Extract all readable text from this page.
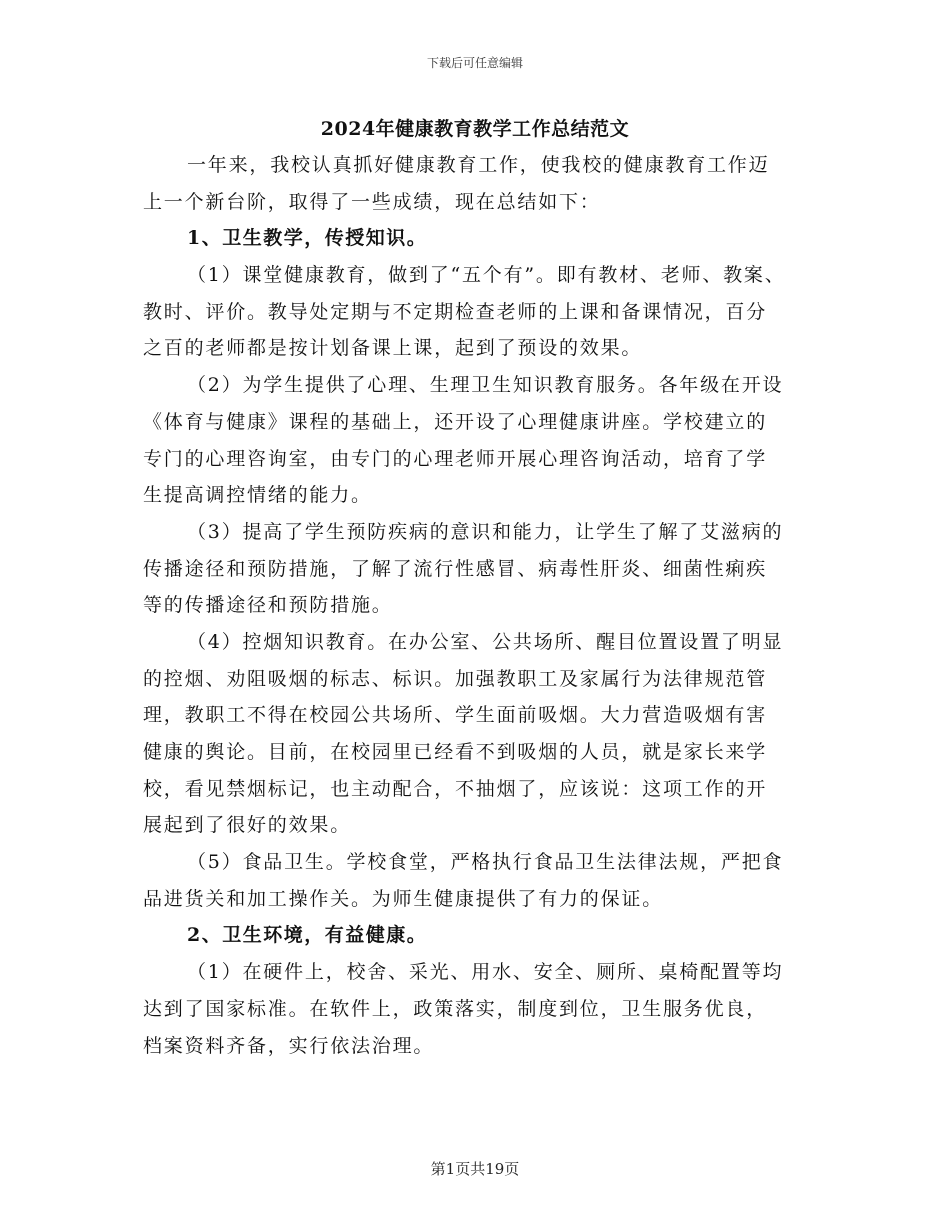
下载后可任意编辑
2024年健康教育教学工作总结范文
一年来，我校认真抓好健康教育工作，使我校的健康教育工作迈
上一个新台阶，取得了一些成绩，现在总结如下：
1、卫生教学，传授知识。
（1）课堂健康教育，做到了“五个有”。即有教材、老师、教案、
教时、评价。教导处定期与不定期检查老师的上课和备课情况，百分
之百的老师都是按计划备课上课，起到了预设的效果。
（2）为学生提供了心理、生理卫生知识教育服务。各年级在开设
《体育与健康》课程的基础上，还开设了心理健康讲座。学校建立的
专门的心理咨询室，由专门的心理老师开展心理咨询活动，培育了学
生提高调控情绪的能力。
（3）提高了学生预防疾病的意识和能力，让学生了解了艾滋病的
传播途径和预防措施，了解了流行性感冒、病毒性肝炎、细菌性痢疾
等的传播途径和预防措施。
（4）控烟知识教育。在办公室、公共场所、醒目位置设置了明显
的控烟、劝阻吸烟的标志、标识。加强教职工及家属行为法律规范管
理，教职工不得在校园公共场所、学生面前吸烟。大力营造吸烟有害
健康的舆论。目前，在校园里已经看不到吸烟的人员，就是家长来学
校，看见禁烟标记，也主动配合，不抽烟了，应该说：这项工作的开
展起到了很好的效果。
（5）食品卫生。学校食堂，严格执行食品卫生法律法规，严把食
品进货关和加工操作关。为师生健康提供了有力的保证。
2、卫生环境，有益健康。
（1）在硬件上，校舍、采光、用水、安全、厕所、桌椅配置等均
达到了国家标准。在软件上，政策落实，制度到位，卫生服务优良，
档案资料齐备，实行依法治理。
第1页共19页
